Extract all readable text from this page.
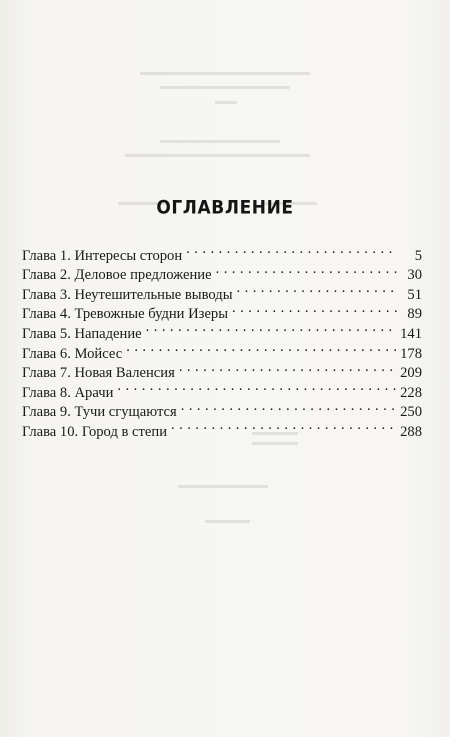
ОГЛАВЛЕНИЕ
Глава 1. Интересы сторон . . .	5
Глава 2. Деловое предложение . . .	30
Глава 3. Неутешительные выводы . . .	51
Глава 4. Тревожные будни Изеры . . .	89
Глава 5. Нападение . . .	141
Глава 6. Мойсес . . .	178
Глава 7. Новая Валенсия . . .	209
Глава 8. Арачи . . .	228
Глава 9. Тучи сгущаются . . .	250
Глава 10. Город в степи . . .	288
